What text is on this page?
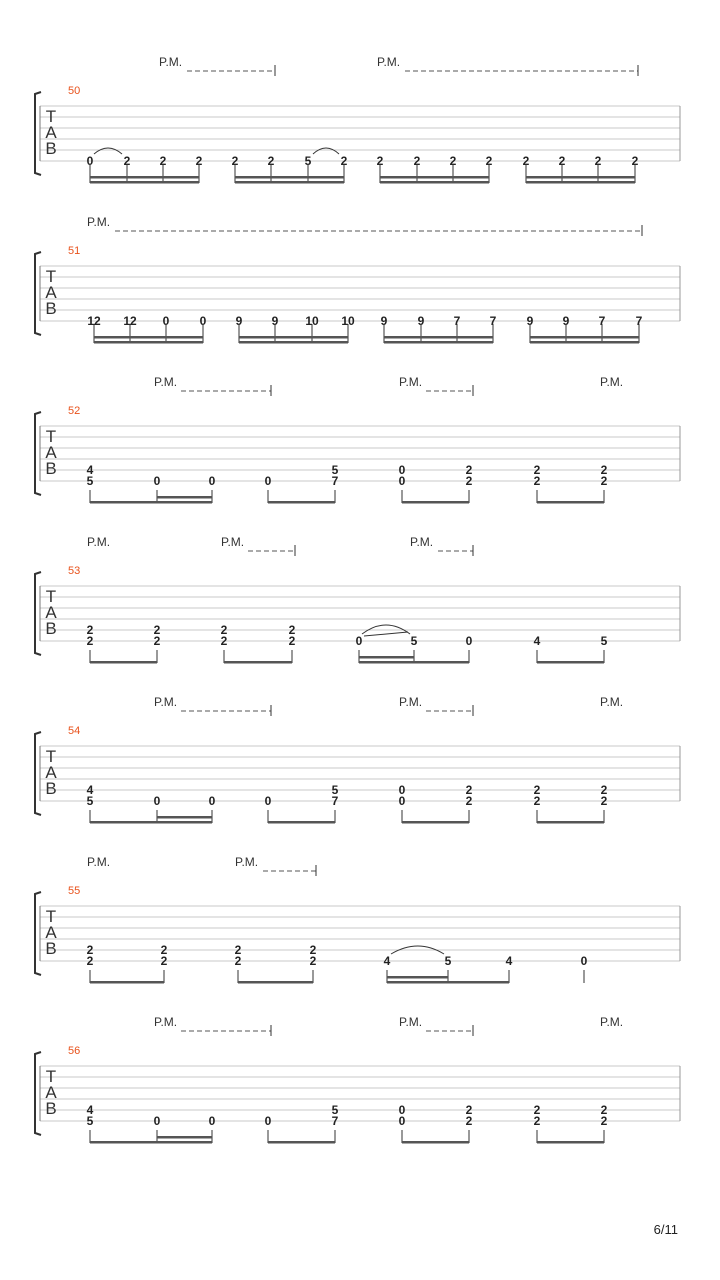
T
A
B
50
P.M.	P.M.
0	2 2 2 2 2	5 2 2	2 2 2	2 2 2	2
T
A
B
51
P.M.
12 12 0	0 9 9 10 10 9	9 7 7	9 9 7	7
T
A
B
52
P.M.	P.M.	P.M.
4
5	0	0	0
5
7
0
0
2
2
2
2
2
2
T
A
B
53
P.M.	P.M.	P.M.
2
2
2
2
2
2
2
2	0	5	0	4	5
T
A
B
54
P.M.	P.M.	P.M.
4
5	0	0	0
5
7
0
0
2
2
2
2
2
2
T
A
B
55
P.M.	P.M.
2
2
2
2
2
2
2
2	4	5	4	0
T
A
B
56
P.M.	P.M.	P.M.
4
5	0	0	0
5
7
0
0
2
2
2
2
2
2
6/11
